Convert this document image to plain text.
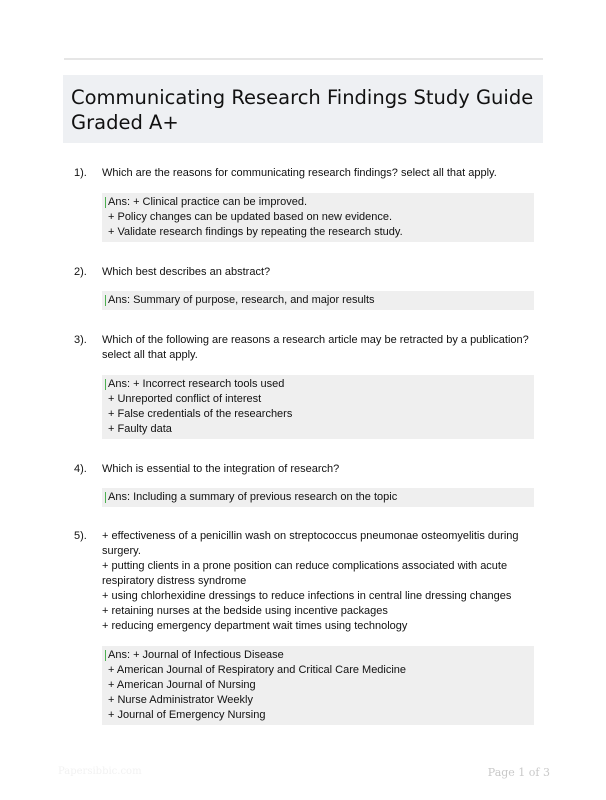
Communicating Research Findings Study Guide
Graded A+
1). Which are the reasons for communicating research findings? select all that apply.
Ans: + Clinical practice can be improved.
+ Policy changes can be updated based on new evidence.
+ Validate research findings by repeating the research study.
2). Which best describes an abstract?
Ans: Summary of purpose, research, and major results
3). Which of the following are reasons a research article may be retracted by a publication?
select all that apply.
Ans: + Incorrect research tools used
+ Unreported conflict of interest
+ False credentials of the researchers
+ Faulty data
4). Which is essential to the integration of research?
Ans: Including a summary of previous research on the topic
5). + effectiveness of a penicillin wash on streptococcus pneumonae osteomyelitis during
surgery.
+ putting clients in a prone position can reduce complications associated with acute
respiratory distress syndrome
+ using chlorhexidine dressings to reduce infections in central line dressing changes
+ retaining nurses at the bedside using incentive packages
+ reducing emergency department wait times using technology
Ans: + Journal of Infectious Disease
+ American Journal of Respiratory and Critical Care Medicine
+ American Journal of Nursing
+ Nurse Administrator Weekly
+ Journal of Emergency Nursing
Papersibbic.com	Page 1 of 3
